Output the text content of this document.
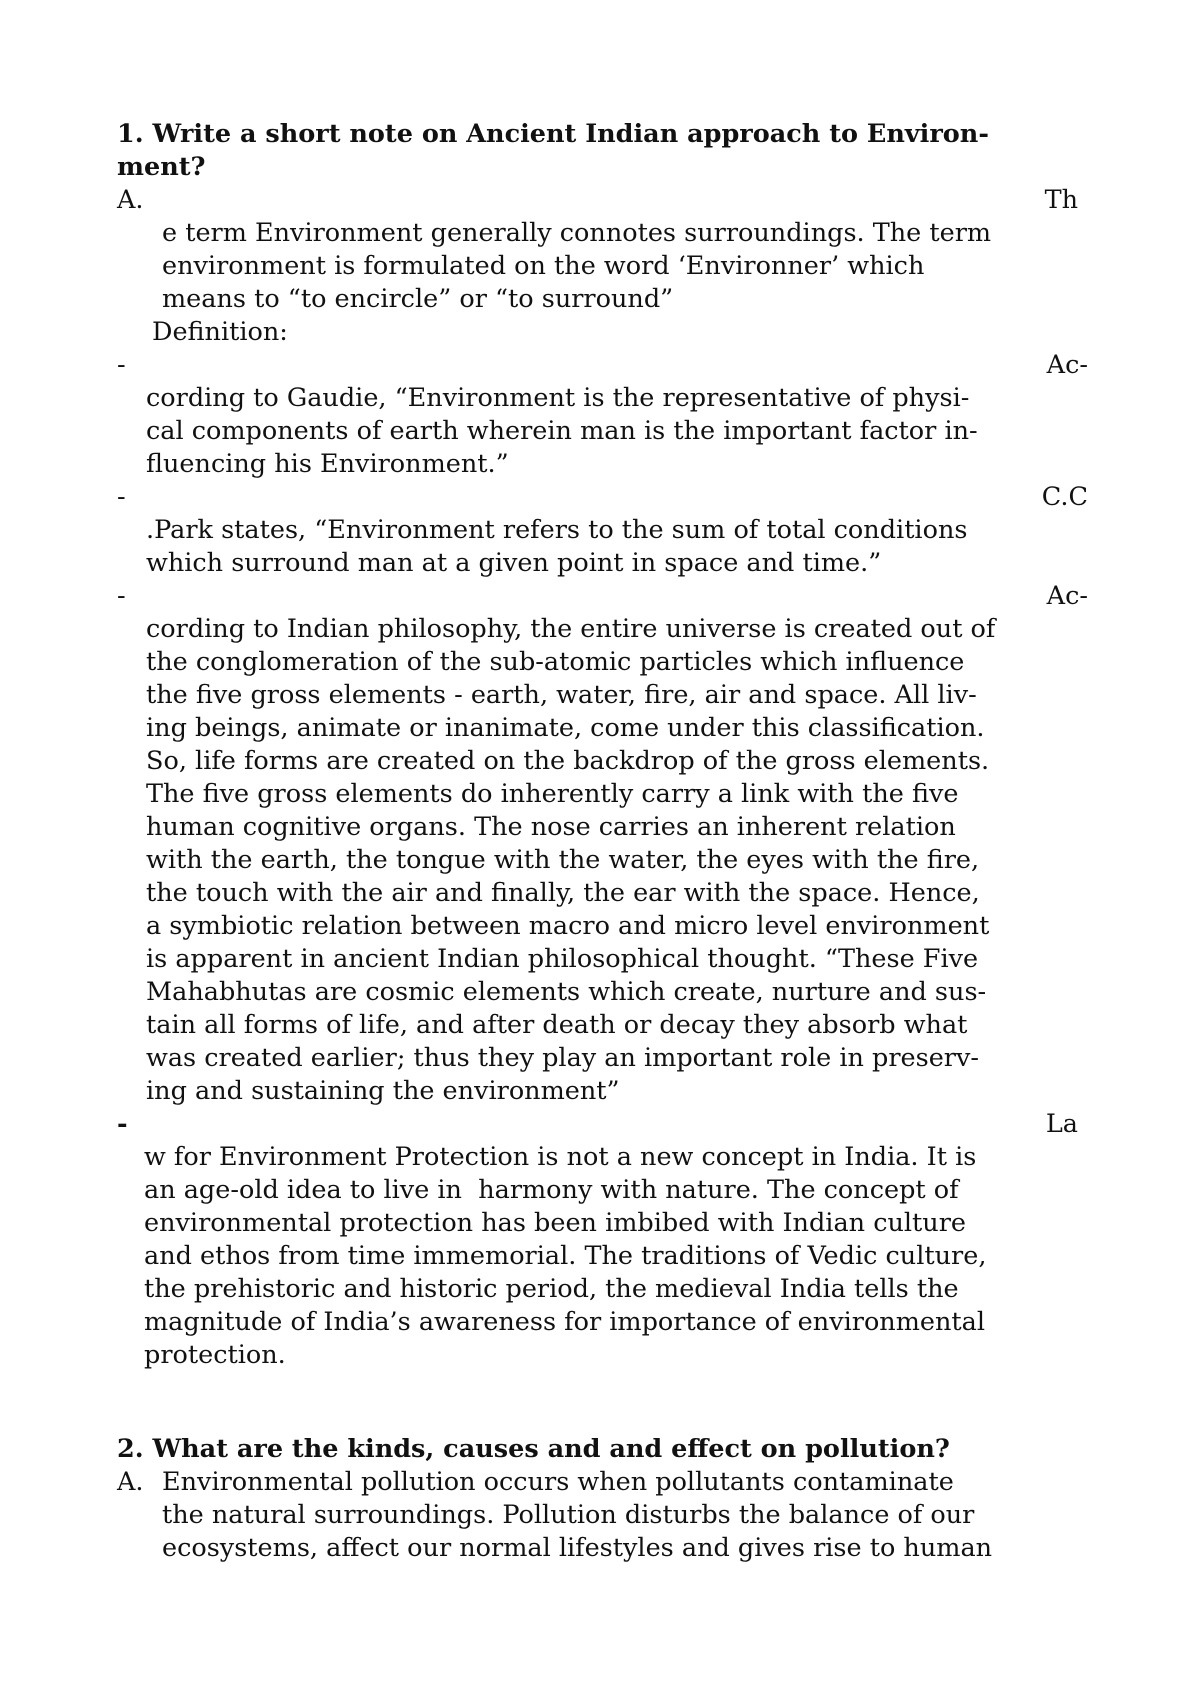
1. Write a short note on Ancient Indian approach to Environ-
ment?
A.	Th
e term Environment generally connotes surroundings. The term
environment is formulated on the word ‘Environner’ which
means to “to encircle” or “to surround”
Definition:
-	Ac-
cording to Gaudie, “Environment is the representative of physi-
cal components of earth wherein man is the important factor in-
fluencing his Environment.”
-	C.C
.Park states, “Environment refers to the sum of total conditions
which surround man at a given point in space and time.”
-	Ac-
cording to Indian philosophy, the entire universe is created out of
the conglomeration of the sub-atomic particles which influence
the five gross elements - earth, water, fire, air and space. All liv-
ing beings, animate or inanimate, come under this classification.
So, life forms are created on the backdrop of the gross elements.
The five gross elements do inherently carry a link with the five
human cognitive organs. The nose carries an inherent relation
with the earth, the tongue with the water, the eyes with the fire,
the touch with the air and finally, the ear with the space. Hence,
a symbiotic relation between macro and micro level environment
is apparent in ancient Indian philosophical thought. “These Five
Mahabhutas are cosmic elements which create, nurture and sus-
tain all forms of life, and after death or decay they absorb what
was created earlier; thus they play an important role in preserv-
ing and sustaining the environment”
-	La
w for Environment Protection is not a new concept in India. It is
an age-old idea to live in  harmony with nature. The concept of
environmental protection has been imbibed with Indian culture
and ethos from time immemorial. The traditions of Vedic culture,
the prehistoric and historic period, the medieval India tells the
magnitude of India’s awareness for importance of environmental
protection.
2. What are the kinds, causes and and effect on pollution?
A. Environmental pollution occurs when pollutants contaminate
the natural surroundings. Pollution disturbs the balance of our
ecosystems, affect our normal lifestyles and gives rise to human
